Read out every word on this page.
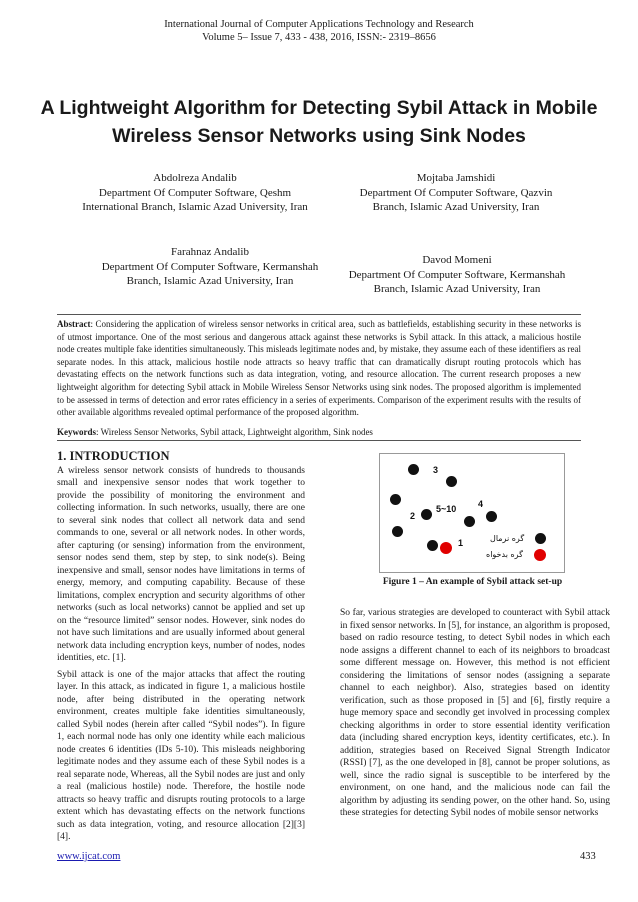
International Journal of Computer Applications Technology and Research
Volume 5– Issue 7, 433 - 438, 2016, ISSN:- 2319–8656
A Lightweight Algorithm for Detecting Sybil Attack in Mobile Wireless Sensor Networks using Sink Nodes
Abdolreza Andalib
Department Of Computer Software, Qeshm
International Branch, Islamic Azad University, Iran
Mojtaba Jamshidi
Department Of Computer Software, Qazvin
Branch, Islamic Azad University, Iran
Farahnaz Andalib
Department Of Computer Software, Kermanshah
Branch, Islamic Azad University, Iran
Davod Momeni
Department Of Computer Software, Kermanshah
Branch, Islamic Azad University, Iran
Abstract: Considering the application of wireless sensor networks in critical area, such as battlefields, establishing security in these networks is of utmost importance. One of the most serious and dangerous attack against these networks is Sybil attack. In this attack, a malicious hostile node creates multiple fake identities simultaneously. This misleads legitimate nodes and, by mistake, they assume each of these identifiers as real separate nodes. In this attack, malicious hostile node attracts so heavy traffic that can dramatically disrupt routing protocols which has devastating effects on the network functions such as data integration, voting, and resource allocation. The current research proposes a new lightweight algorithm for detecting Sybil attack in Mobile Wireless Sensor Networks using sink nodes. The proposed algorithm is implemented to be assessed in terms of detection and error rates efficiency in a series of experiments. Comparison of the experiment results with the results of other available algorithms revealed optimal performance of the proposed algorithm.
Keywords: Wireless Sensor Networks, Sybil attack, Lightweight algorithm, Sink nodes
1. INTRODUCTION

A wireless sensor network consists of hundreds to thousands small and inexpensive sensor nodes that work together to provide the possibility of monitoring the environment and collecting information. In such networks, usually, there are one to several sink nodes that collect all network data and send commands to one, several or all network nodes. In other words, after capturing (or sensing) information from the environment, sensor nodes send them, step by step, to sink node(s). Being inexpensive and small, sensor nodes have limitations in terms of energy, memory, and computing capability. Because of these limitations, complex encryption and security algorithms of other networks (such as local networks) cannot be applied and set up on the “resource limited” sensor nodes. However, sink nodes do not have such limitations and are usually informed about general network data including encryption keys, number of nodes, nodes identities, etc. [1].

Sybil attack is one of the major attacks that affect the routing layer. In this attack, as indicated in figure 1, a malicious hostile node, after being distributed in the operating network environment, creates multiple fake identities simultaneously, called Sybil nodes (herein after called “Sybil nodes”). In figure 1, each normal node has only one identity while each malicious node creates 6 identities (IDs 5-10). This misleads neighboring legitimate nodes and they assume each of these Sybil nodes is a real separate node, Whereas, all the Sybil nodes are just and only a real (malicious hostile) node. Therefore, the hostile node attracts so heavy traffic and disrupts routing protocols to a large extent which has devastating effects on the network functions such as data integration, voting, and resource allocation [2][3][4].

3
2
5~10 4
1	گره نرمال
گره بدخواه
Figure 1 – An example of Sybil attack set-up

So far, various strategies are developed to counteract with Sybil attack in fixed sensor networks. In [5], for instance, an algorithm is proposed, based on radio resource testing, to detect Sybil nodes in which each node assigns a different channel to each of its neighbors to broadcast some different message on. However, this method is not efficient considering the limitations of sensor nodes (assigning a separate channel to each neighbor). Also, strategies based on identity verification, such as those proposed in [5] and [6], firstly require a huge memory space and secondly get involved in processing complex checking algorithms in order to store essential identity verification data (including shared encryption keys, identity certificates, etc.). In addition, strategies based on Received Signal Strength Indicator (RSSI) [7], as the one developed in [8], cannot be proper solutions, as well, since the radio signal is susceptible to be interfered by the environment, on one hand, and the malicious node can fail the algorithm by adjusting its sending power, on the other hand. So, using these strategies for detecting Sybil nodes of mobile sensor networks

www.ijcat.com	433
